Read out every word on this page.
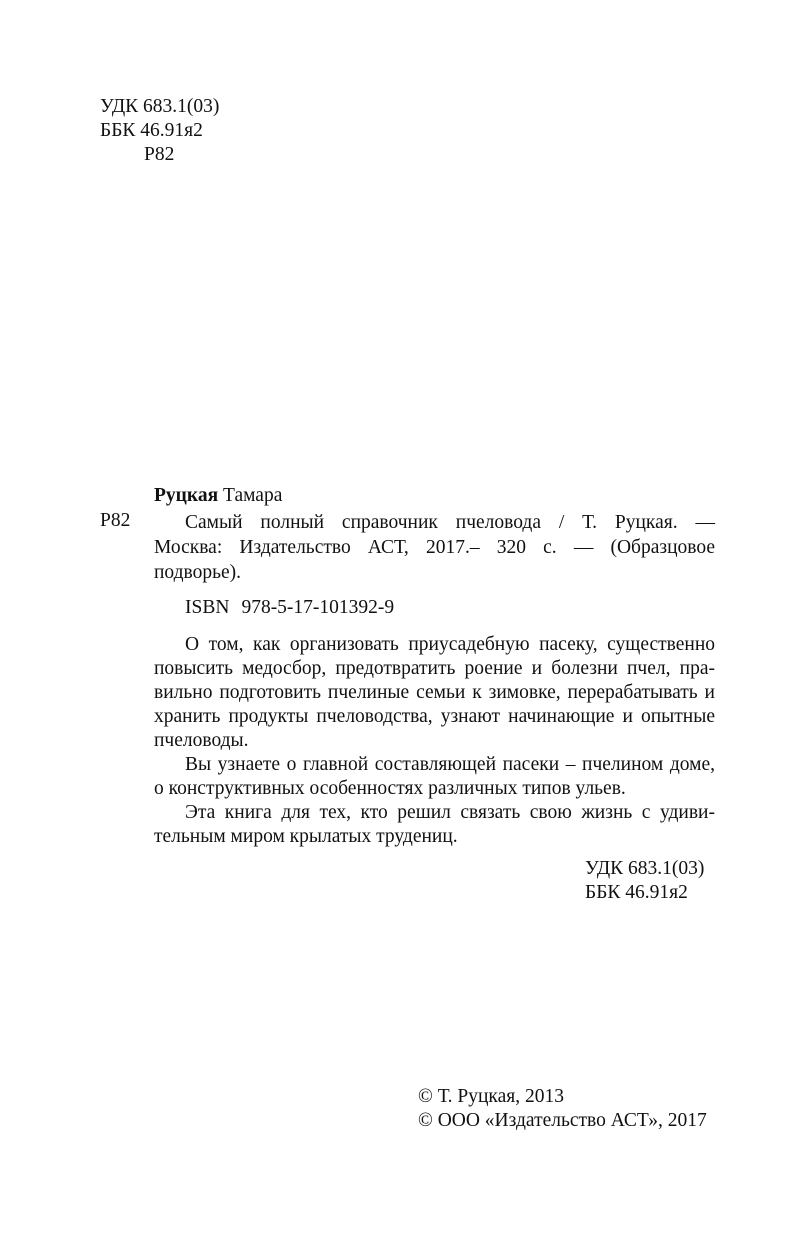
УДК 683.1(03)
ББК 46.91я2
Р82
Руцкая Тамара
Р82	Самый полный справочник пчеловода / Т. Руцкая. —
Москва: Издательство АСТ, 2017.– 320 с. — (Образцовое
подворье).
ISBN 978-5-17-101392-9
О том, как организовать приусадебную пасеку, существенно
повысить медосбор, предотвратить роение и болезни пчел, пра-
вильно подготовить пчелиные семьи к зимовке, перерабатывать и
хранить продукты пчеловодства, узнают начинающие и опытные
пчеловоды.
Вы узнаете о главной составляющей пасеки – пчелином доме,
о конструктивных особенностях различных типов ульев.
Эта книга для тех, кто решил связать свою жизнь с удиви-
тельным миром крылатых трудениц.
УДК 683.1(03)
ББК 46.91я2
© Т. Руцкая, 2013
© ООО «Издательство АСТ», 2017
